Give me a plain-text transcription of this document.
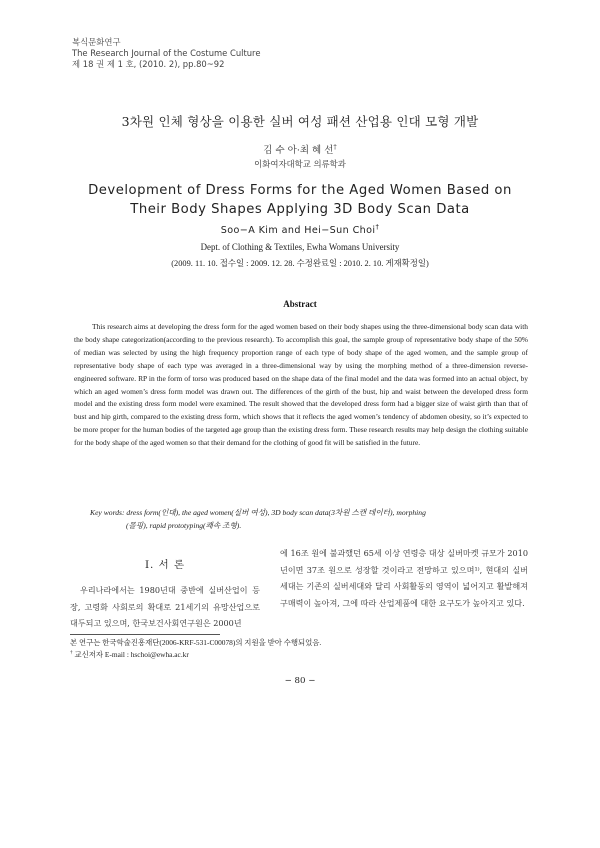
복식문화연구
The Research Journal of the Costume Culture
제 18 권 제 1 호, (2010. 2), pp.80~92
3차원 인체 형상을 이용한 실버 여성 패션 산업용 인대 모형 개발
김 수 아·최 혜 선†
이화여자대학교 의류학과
Development of Dress Forms for the Aged Women Based on
Their Body Shapes Applying 3D Body Scan Data
Soo−A Kim and Hei−Sun Choi†
Dept. of Clothing & Textiles, Ewha Womans University
(2009. 11. 10. 접수일 : 2009. 12. 28. 수정완료일 : 2010. 2. 10. 게재확정일)
Abstract

This research aims at developing the dress form for the aged women based on their body shapes using the three-dimensional body scan data with the body shape categorization(according to the previous research). To accomplish this goal, the sample group of representative body shape of the 50% of median was selected by using the high frequency proportion range of each type of body shape of the aged women, and the sample group of representative body shape of each type was averaged in a three-dimensional way by using the morphing method of a three-dimension reverse-engineered software. RP in the form of torso was produced based on the shape data of the final model and the data was formed into an actual object, by which an aged women’s dress form model was drawn out. The differences of the girth of the bust, hip and waist between the developed dress form model and the existing dress form model were examined. The result showed that the developed dress form had a bigger size of waist girth than that of bust and hip girth, compared to the existing dress form, which shows that it reflects the aged women’s tendency of abdomen obesity, so it’s expected to be more proper for the human bodies of the targeted age group than the existing dress form. These research results may help design the clothing suitable for the body shape of the aged women so that their demand for the clothing of good fit will be satisfied in the future.

Key words: dress form(인대), the aged women(실버 여성), 3D body scan data(3차원 스캔 데이터), morphing
(몰핑), rapid prototyping(쾌속 조형).
Ⅰ. 서 론

우리나라에서는 1980년대 중반에 실버산업이 등장, 고령화 사회로의 확대로 21세기의 유망산업으로 대두되고 있으며, 한국보건사회연구원은 2000년

에 16조 원에 불과했던 65세 이상 연령층 대상 실버마켓 규모가 2010년이면 37조 원으로 성장할 것이라고 전망하고 있으며¹⁾, 현대의 실버세대는 기존의 실버세대와 달리 사회활동의 영역이 넓어지고 활발해져 구매력이 높아져, 그에 따라 산업제품에 대한 요구도가 높아지고 있다.

본 연구는 한국학술진흥재단(2006-KRF-531-C00078)의 지원을 받아 수행되었음.
† 교신저자 E-mail : hschoi@ewha.ac.kr
− 80 −
